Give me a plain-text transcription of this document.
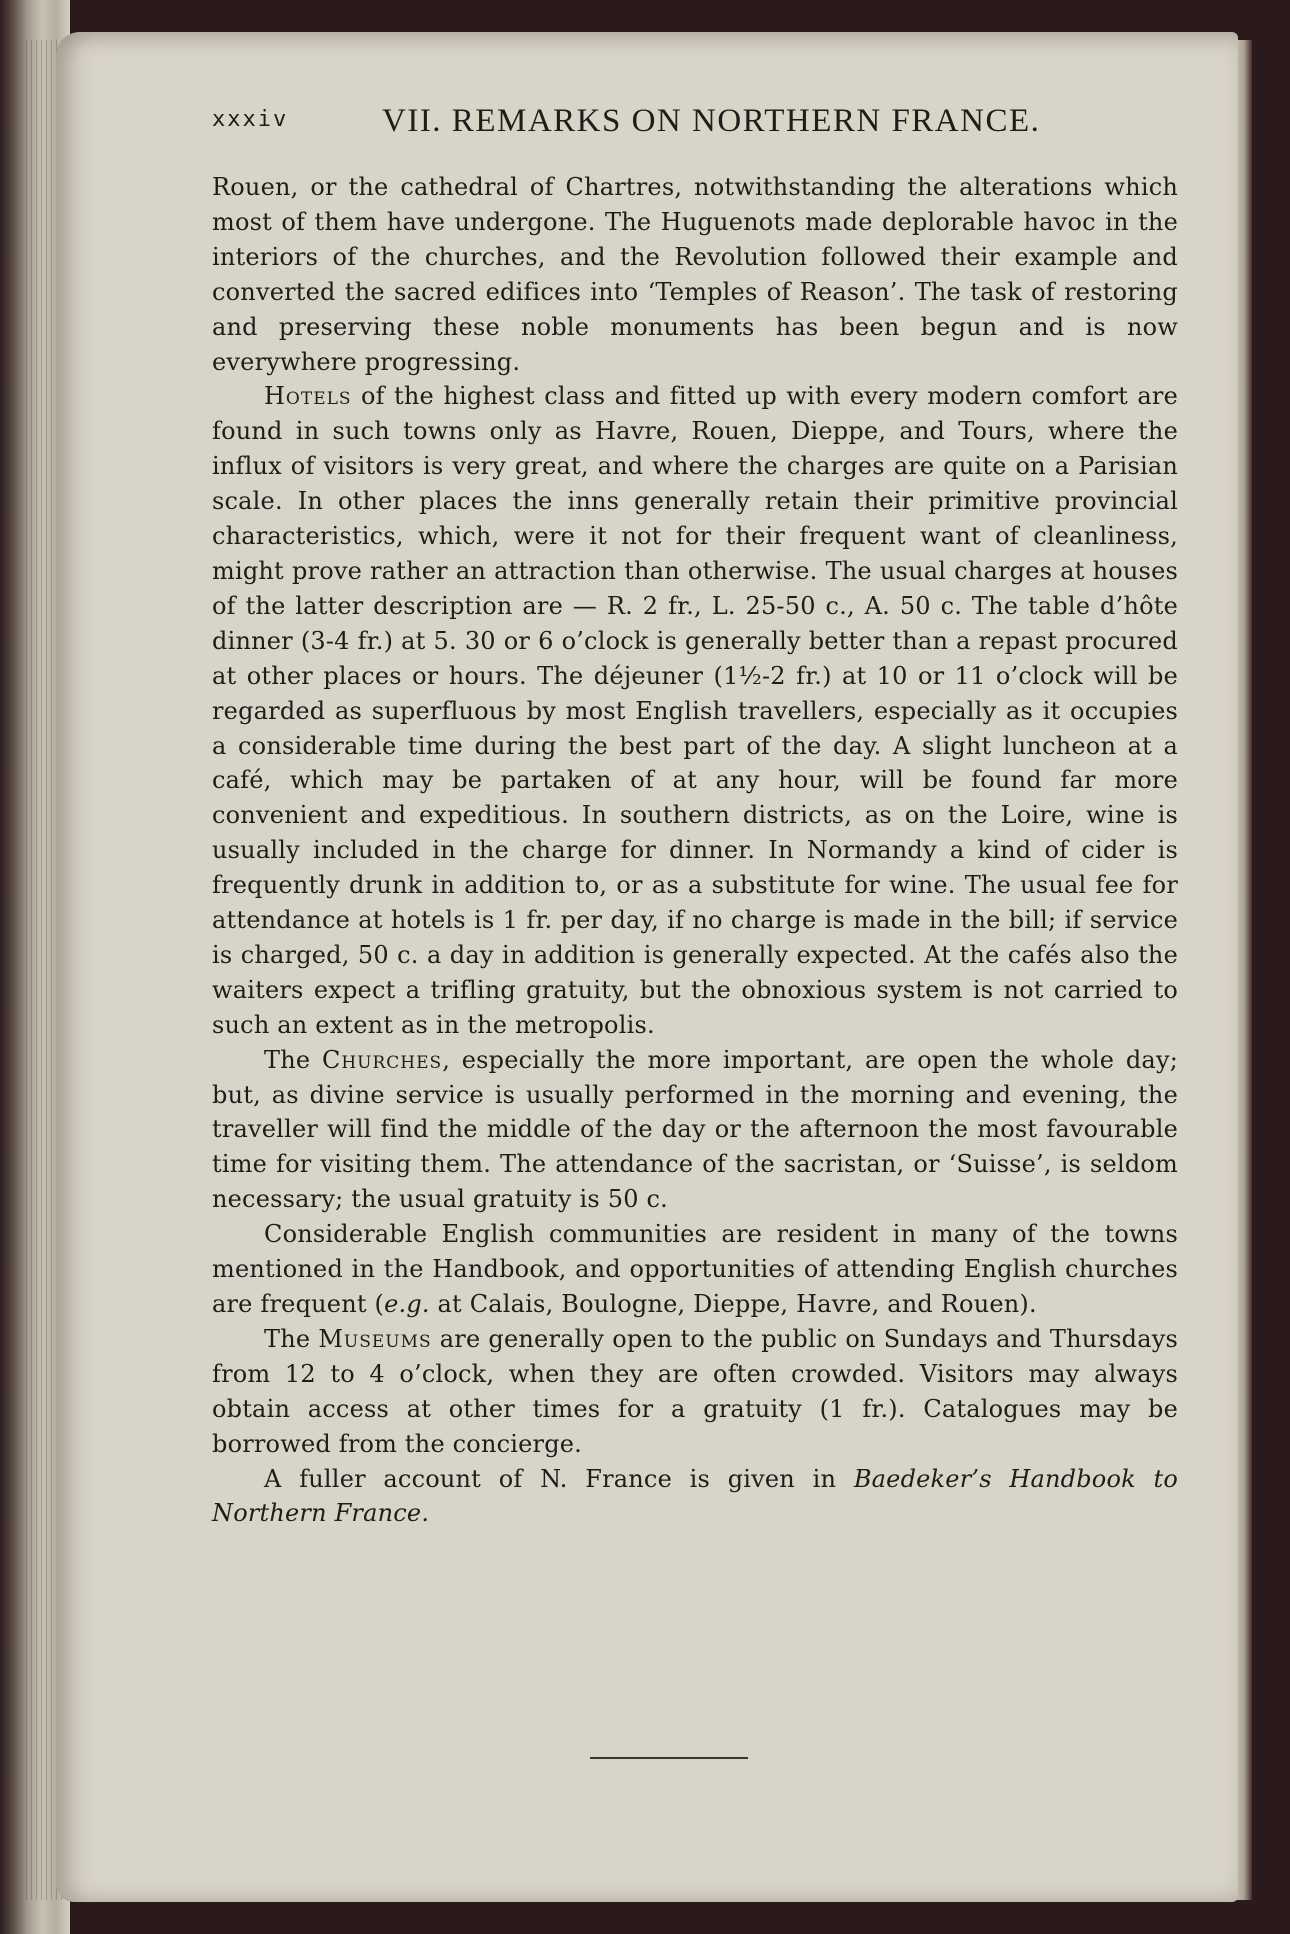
xxxiv	VII. REMARKS ON NORTHERN FRANCE.

Rouen, or the cathedral of Chartres, notwithstanding the alterations which most of them have undergone. The Huguenots made deplorable havoc in the interiors of the churches, and the Revolution followed their example and converted the sacred edifices into ‘Temples of Reason’. The task of restoring and preserving these noble monuments has been begun and is now everywhere progressing.

Hotels of the highest class and fitted up with every modern comfort are found in such towns only as Havre, Rouen, Dieppe, and Tours, where the influx of visitors is very great, and where the charges are quite on a Parisian scale. In other places the inns generally retain their primitive provincial characteristics, which, were it not for their frequent want of cleanliness, might prove rather an attraction than otherwise. The usual charges at houses of the latter description are — R. 2 fr., L. 25-50 c., A. 50 c. The table d’hôte dinner (3-4 fr.) at 5. 30 or 6 o’clock is generally better than a repast procured at other places or hours. The déjeuner (1½-2 fr.) at 10 or 11 o’clock will be regarded as superfluous by most English travellers, especially as it occupies a considerable time during the best part of the day. A slight luncheon at a café, which may be partaken of at any hour, will be found far more convenient and expeditious. In southern districts, as on the Loire, wine is usually included in the charge for dinner. In Normandy a kind of cider is frequently drunk in addition to, or as a substitute for wine. The usual fee for attendance at hotels is 1 fr. per day, if no charge is made in the bill; if service is charged, 50 c. a day in addition is generally expected. At the cafés also the waiters expect a trifling gratuity, but the obnoxious system is not carried to such an extent as in the metropolis.

The Churches, especially the more important, are open the whole day; but, as divine service is usually performed in the morning and evening, the traveller will find the middle of the day or the afternoon the most favourable time for visiting them. The attendance of the sacristan, or ‘Suisse’, is seldom necessary; the usual gratuity is 50 c.

Considerable English communities are resident in many of the towns mentioned in the Handbook, and opportunities of attending English churches are frequent (e.g. at Calais, Boulogne, Dieppe, Havre, and Rouen).

The Museums are generally open to the public on Sundays and Thursdays from 12 to 4 o’clock, when they are often crowded. Visitors may always obtain access at other times for a gratuity (1 fr.). Catalogues may be borrowed from the concierge.

A fuller account of N. France is given in Baedeker’s Handbook to Northern France.
